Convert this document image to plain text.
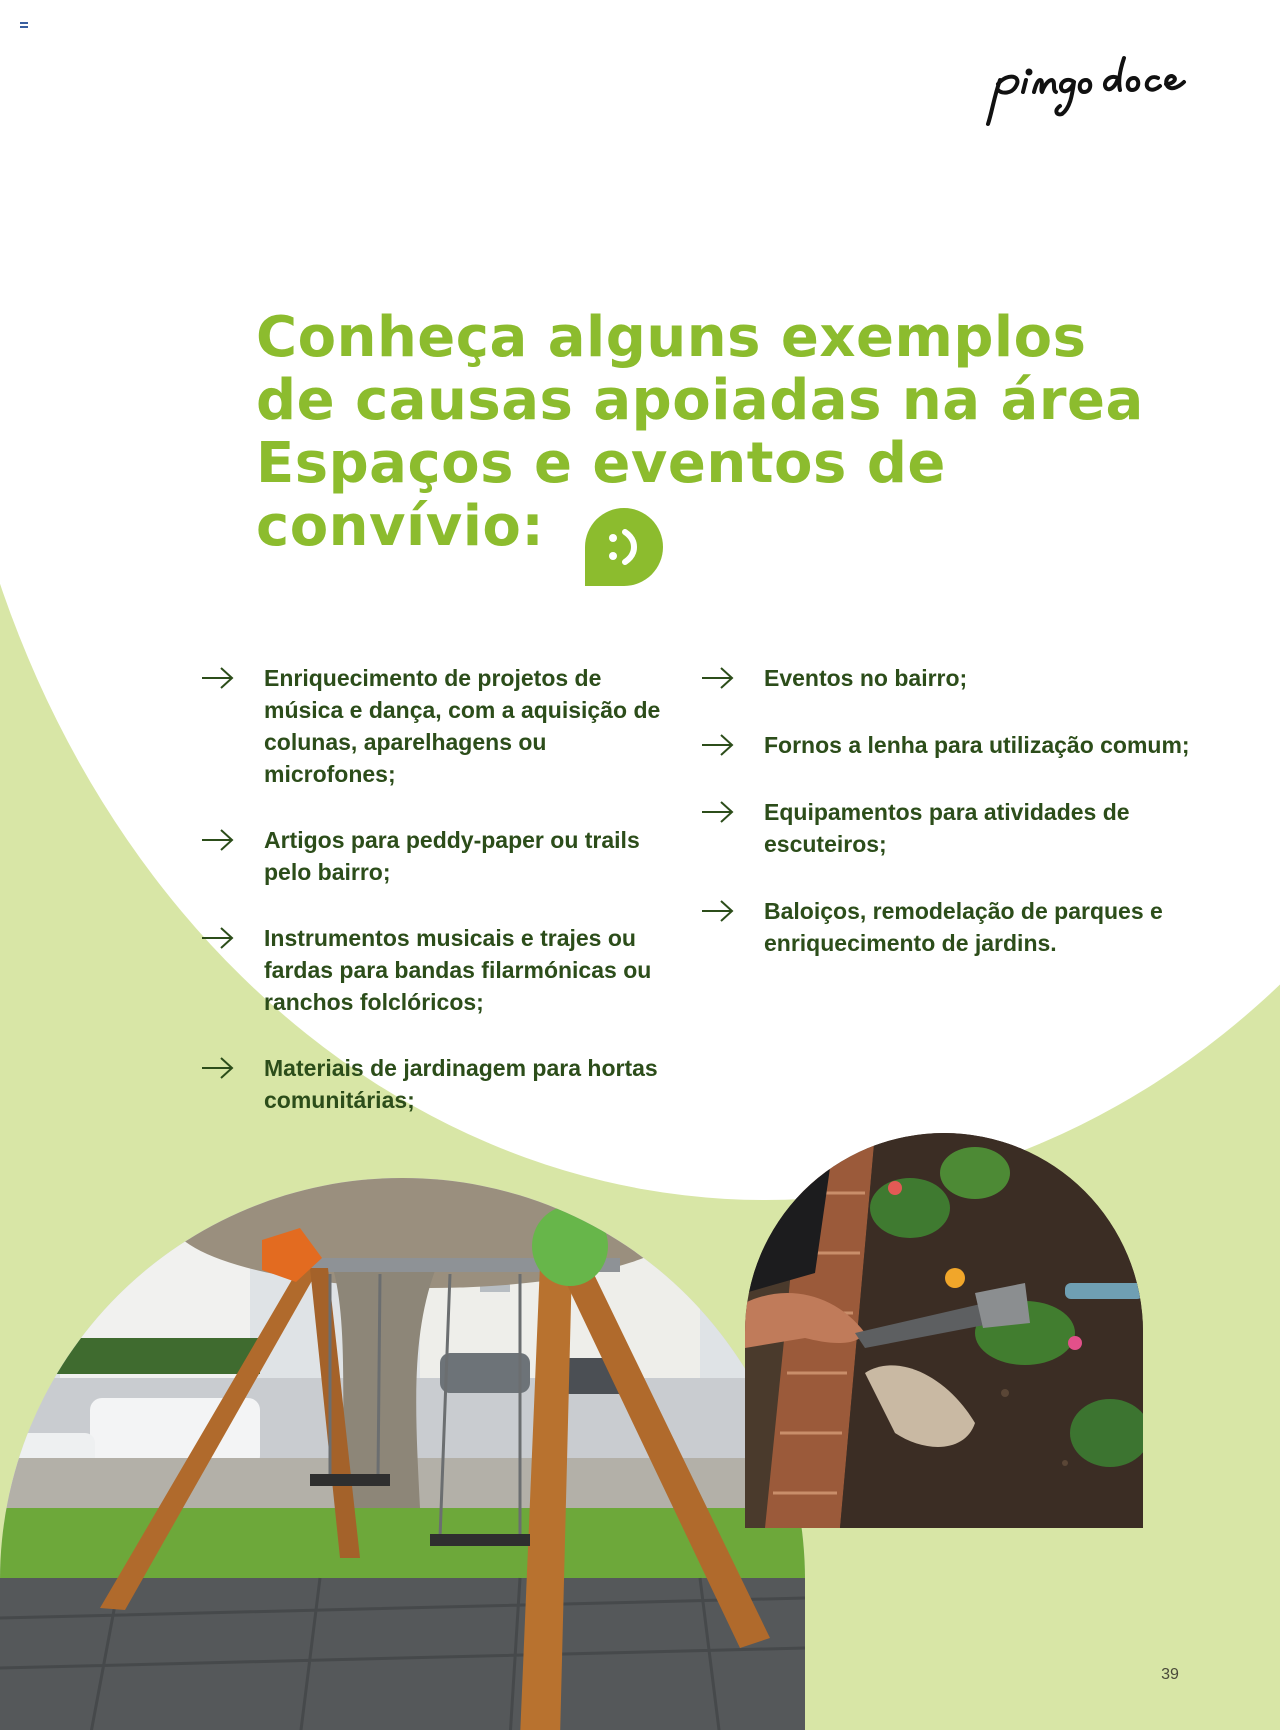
Conheça alguns exemplos de causas apoiadas na área Espaços e eventos de convívio:
Enriquecimento de projetos de música e dança, com a aquisição de colunas, aparelhagens ou microfones;
Artigos para peddy-paper ou trails pelo bairro;
Instrumentos musicais e trajes ou fardas para bandas filarmónicas ou ranchos folclóricos;
Materiais de jardinagem para hortas comunitárias;
Eventos no bairro;
Fornos a lenha para utilização comum;
Equipamentos para atividades de escuteiros;
Baloiços, remodelação de parques e enriquecimento de jardins.
39
